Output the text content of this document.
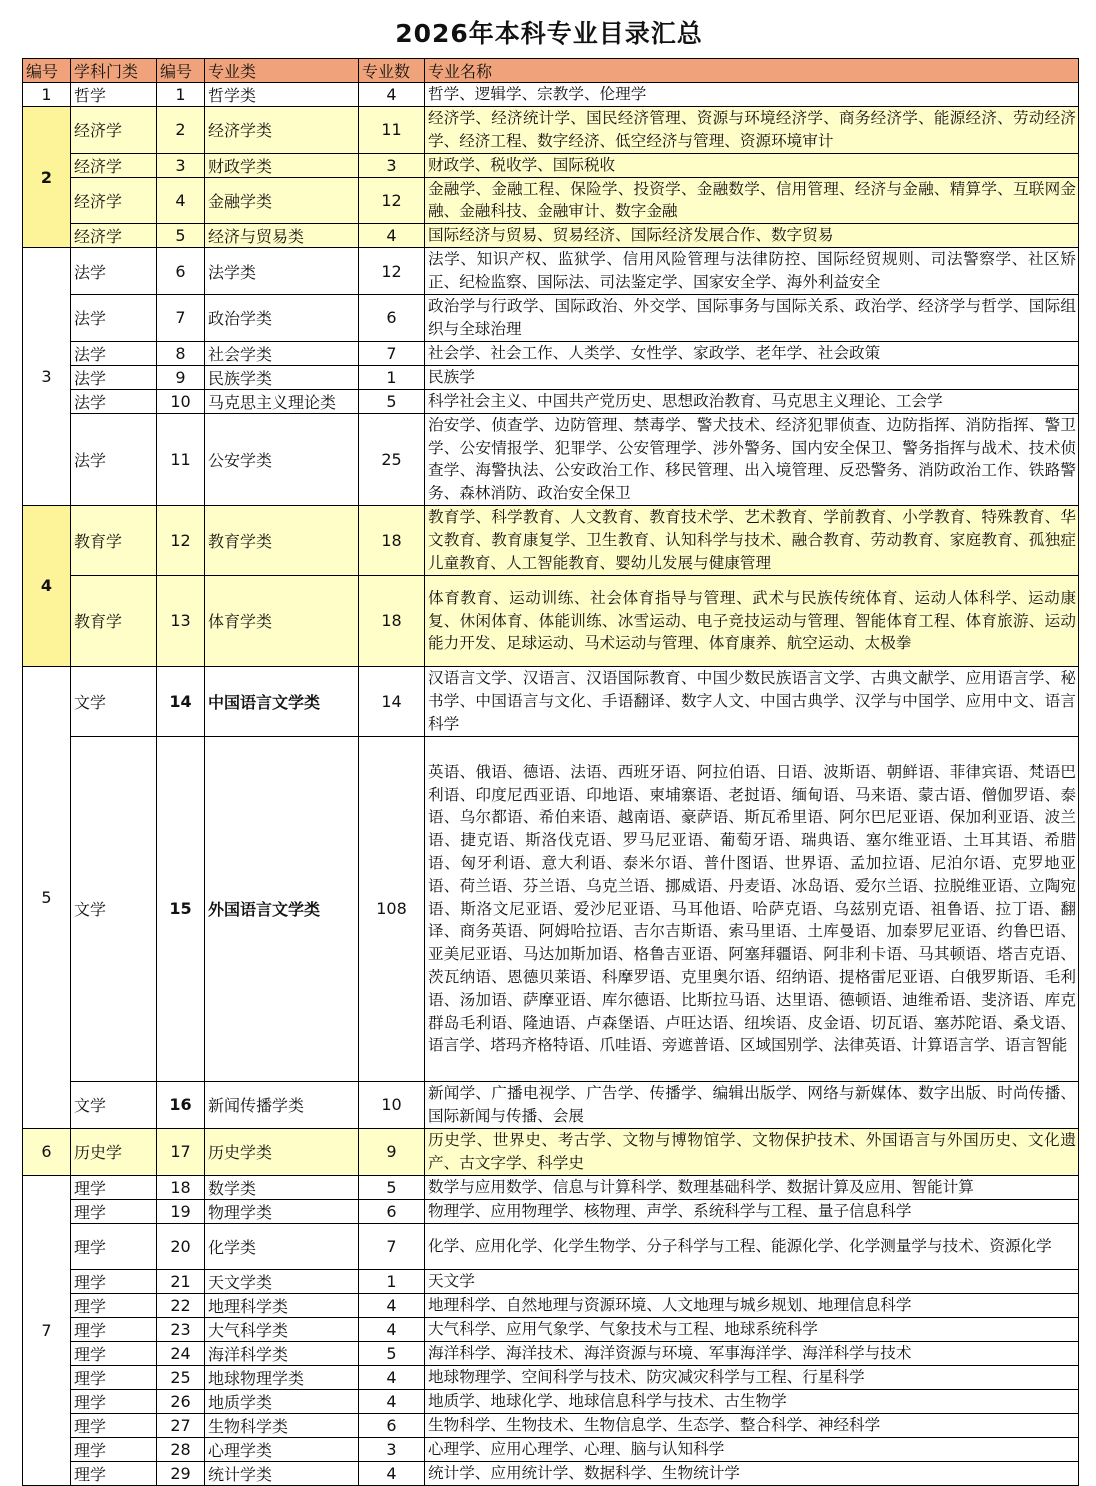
2026年本科专业目录汇总
编号	学科门类	编号	专业类	专业数	专业名称
1	哲学	1	哲学类	4	哲学、逻辑学、宗教学、伦理学
2	经济学	2	经济学类	11	经济学、经济统计学、国民经济管理、资源与环境经济学、商务经济学、能源经济、劳动经济学、经济工程、数字经济、低空经济与管理、资源环境审计
	经济学	3	财政学类	3	财政学、税收学、国际税收
	经济学	4	金融学类	12	金融学、金融工程、保险学、投资学、金融数学、信用管理、经济与金融、精算学、互联网金融、金融科技、金融审计、数字金融
	经济学	5	经济与贸易类	4	国际经济与贸易、贸易经济、国际经济发展合作、数字贸易
3	法学	6	法学类	12	法学、知识产权、监狱学、信用风险管理与法律防控、国际经贸规则、司法警察学、社区矫正、纪检监察、国际法、司法鉴定学、国家安全学、海外利益安全
	法学	7	政治学类	6	政治学与行政学、国际政治、外交学、国际事务与国际关系、政治学、经济学与哲学、国际组织与全球治理
	法学	8	社会学类	7	社会学、社会工作、人类学、女性学、家政学、老年学、社会政策
	法学	9	民族学类	1	民族学
	法学	10	马克思主义理论类	5	科学社会主义、中国共产党历史、思想政治教育、马克思主义理论、工会学
	法学	11	公安学类	25	治安学、侦查学、边防管理、禁毒学、警犬技术、经济犯罪侦查、边防指挥、消防指挥、警卫学、公安情报学、犯罪学、公安管理学、涉外警务、国内安全保卫、警务指挥与战术、技术侦查学、海警执法、公安政治工作、移民管理、出入境管理、反恐警务、消防政治工作、铁路警务、森林消防、政治安全保卫
4	教育学	12	教育学类	18	教育学、科学教育、人文教育、教育技术学、艺术教育、学前教育、小学教育、特殊教育、华文教育、教育康复学、卫生教育、认知科学与技术、融合教育、劳动教育、家庭教育、孤独症儿童教育、人工智能教育、婴幼儿发展与健康管理
	教育学	13	体育学类	18	体育教育、运动训练、社会体育指导与管理、武术与民族传统体育、运动人体科学、运动康复、休闲体育、体能训练、冰雪运动、电子竞技运动与管理、智能体育工程、体育旅游、运动能力开发、足球运动、马术运动与管理、体育康养、航空运动、太极拳
5	文学	14	中国语言文学类	14	汉语言文学、汉语言、汉语国际教育、中国少数民族语言文学、古典文献学、应用语言学、秘书学、中国语言与文化、手语翻译、数字人文、中国古典学、汉学与中国学、应用中文、语言科学
	文学	15	外国语言文学类	108	英语、俄语、德语、法语、西班牙语、阿拉伯语、日语、波斯语、朝鲜语、菲律宾语、梵语巴利语、印度尼西亚语、印地语、柬埔寨语、老挝语、缅甸语、马来语、蒙古语、僧伽罗语、泰语、乌尔都语、希伯来语、越南语、豪萨语、斯瓦希里语、阿尔巴尼亚语、保加利亚语、波兰语、捷克语、斯洛伐克语、罗马尼亚语、葡萄牙语、瑞典语、塞尔维亚语、土耳其语、希腊语、匈牙利语、意大利语、泰米尔语、普什图语、世界语、孟加拉语、尼泊尔语、克罗地亚语、荷兰语、芬兰语、乌克兰语、挪威语、丹麦语、冰岛语、爱尔兰语、拉脱维亚语、立陶宛语、斯洛文尼亚语、爱沙尼亚语、马耳他语、哈萨克语、乌兹别克语、祖鲁语、拉丁语、翻译、商务英语、阿姆哈拉语、吉尔吉斯语、索马里语、土库曼语、加泰罗尼亚语、约鲁巴语、亚美尼亚语、马达加斯加语、格鲁吉亚语、阿塞拜疆语、阿非利卡语、马其顿语、塔吉克语、茨瓦纳语、恩德贝莱语、科摩罗语、克里奥尔语、绍纳语、提格雷尼亚语、白俄罗斯语、毛利语、汤加语、萨摩亚语、库尔德语、比斯拉马语、达里语、德顿语、迪维希语、斐济语、库克群岛毛利语、隆迪语、卢森堡语、卢旺达语、纽埃语、皮金语、切瓦语、塞苏陀语、桑戈语、语言学、塔玛齐格特语、爪哇语、旁遮普语、区域国别学、法律英语、计算语言学、语言智能
	文学	16	新闻传播学类	10	新闻学、广播电视学、广告学、传播学、编辑出版学、网络与新媒体、数字出版、时尚传播、国际新闻与传播、会展
6	历史学	17	历史学类	9	历史学、世界史、考古学、文物与博物馆学、文物保护技术、外国语言与外国历史、文化遗产、古文字学、科学史
7	理学	18	数学类	5	数学与应用数学、信息与计算科学、数理基础科学、数据计算及应用、智能计算
	理学	19	物理学类	6	物理学、应用物理学、核物理、声学、系统科学与工程、量子信息科学
	理学	20	化学类	7	化学、应用化学、化学生物学、分子科学与工程、能源化学、化学测量学与技术、资源化学
	理学	21	天文学类	1	天文学
	理学	22	地理科学类	4	地理科学、自然地理与资源环境、人文地理与城乡规划、地理信息科学
	理学	23	大气科学类	4	大气科学、应用气象学、气象技术与工程、地球系统科学
	理学	24	海洋科学类	5	海洋科学、海洋技术、海洋资源与环境、军事海洋学、海洋科学与技术
	理学	25	地球物理学类	4	地球物理学、空间科学与技术、防灾减灾科学与工程、行星科学
	理学	26	地质学类	4	地质学、地球化学、地球信息科学与技术、古生物学
	理学	27	生物科学类	6	生物科学、生物技术、生物信息学、生态学、整合科学、神经科学
	理学	28	心理学类	3	心理学、应用心理学、心理、脑与认知科学
	理学	29	统计学类	4	统计学、应用统计学、数据科学、生物统计学
